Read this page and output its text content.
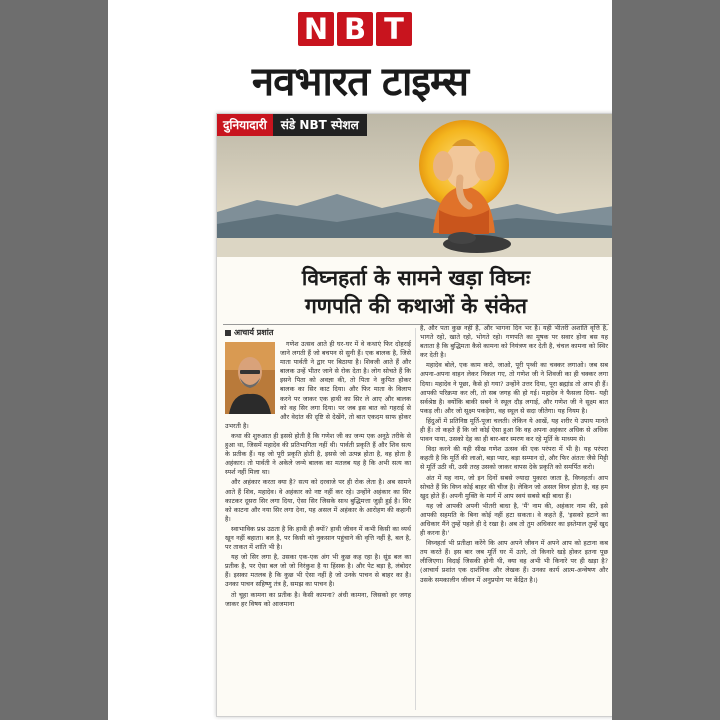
N B T
नवभारत टाइम्स
दुनियादारी	संडे NBT स्पेशल
विघ्नहर्ता के सामने खड़ा विघ्नः
गणपति की कथाओं के संकेत
आचार्य प्रशांत

गणेश उत्सव आते ही घर-घर में वे कथाएं फिर दोहराई जाने लगती हैं जो बचपन से सुनी हैं। एक बालक है, जिसे माता पार्वती ने द्वार पर बिठाया है। शिवजी आते हैं और बालक उन्हें भीतर जाने से रोक देता है। लोग सोचते हैं कि इसने पिता को अवज्ञा की, तो पिता ने कुपित होकर बालक का सिर काट दिया। और फिर माता के विलाप करने पर जाकर एक हाथी का सिर ले आए और बालक को वह सिर लगा दिया। पर जब इस बात को गहराई से और वेदांत की दृष्टि से देखेंगे, तो बात एकदम साफ होकर उभरती है।

कथा की शुरुआत ही इससे होती है कि गणेश जी का जन्म एक अनूठे तरीके से हुआ था, जिसमें महादेव की प्रतिभागिता नहीं थी। पार्वती प्रकृति हैं और शिव सत्य के प्रतीक हैं। यह जो पूरी प्रकृति होती है, इससे जो उत्पन्न होता है, वह होता है अहंकार। तो पार्वती ने अकेले जन्मे बालक का मतलब यह है कि अभी सत्य का स्पर्श नहीं मिला था।

और अहंकार करता क्या है? सत्य को दरवाजे पर ही रोक लेता है। अब सामने आते हैं शिव, महादेव। वे अहंकार को नष्ट नहीं कर रहे। उन्होंने अहंकार का सिर काटकर दूसरा सिर लगा दिया, ऐसा सिर जिसके साथ बुद्धिमत्ता जुड़ी हुई है। सिर को काटना और नया सिर लगा देना, यह असल में अहंकार के आरोहण की कहानी है।

स्वाभाविक प्रश्न उठता है कि हाथी ही क्यों? हाथी जीवन में कभी किसी का व्यर्थ खून नहीं बहाता। बल है, पर किसी को नुकसान पहुंचाने की वृत्ति नहीं है, बल है, पर ताकत में शांति भी है।

यह जो सिर लगा है, उसका एक-एक अंग भी कुछ कह रहा है। सूंड बल का प्रतीक है, पर ऐसा बल जो जो निरंकुश है या हिंसक है। और पेट बड़ा है, लंबोदर हैं। इसका मतलब है कि कुछ भी ऐसा नहीं है जो उनके पाचन से बाहर का है। उनका पाचन सहिष्णु तंत्र है, समझ का पाचन है।

तो चूहा कामना का प्रतीक है। कैसी कामना? अंधी कामना, जिसको हर जगह जाकर हर विषय को आजमाना

है, और पता कुछ नहीं है, और भागना दिन भर है। यही भीतरी अशांति वृत्ति है, भागते रहो, खाते रहो, भोगते रहो। गणपति का मूषक पर सवार होना बस यह बताता है कि बुद्धिमता कैसे कामना को नियंत्रण कर देती है, चंचल कामना को स्थिर कर देती है।

महादेव बोले, एक काम करो, जाओ, पूरी पृथ्वी का चक्कर लगाओ। जब सब अपना-अपना वाहन लेकर निकल गए, तो गणेश जी ने शिवजी का ही चक्कर लगा दिया। महादेव ने पूछा, कैसे हो गया? उन्होंने उत्तर दिया, पूरा ब्रह्मांड तो आप ही हैं। आपकी परिक्रमा कर ली, तो सब जगह की हो गई। महादेव ने फैसला दिया- यही सर्वश्रेष्ठ है। क्योंकि बाकी सबने ने स्थूल दौड़ लगाई, और गणेश जी ने सूक्ष्म बात पकड़ ली। और जो सूक्ष्म पकड़ेगा, वह स्थूल से सदा जीतेगा। यह नियम है।

हिंदुओं में प्रतिनिष्ठ मूर्ति-पूजा चलती। लेकिन ये आखें, यह शरीर ये उपाय मानते ही हैं। तो कहते हैं कि जो कोई ऐसा हुआ कि वह अपना अहंकार अधिक से अधिक पावन पाया, उसको देह का ही बार-बार स्मरण कर रहे मूर्ति के माध्यम से।

विदा करने की यही सीख गणेश उत्सव की एक परंपरा में भी है। यह परंपरा कहती है कि मूर्ति की लाओ, बड़ा प्यार, बड़ा सम्मान दो, और फिर अंततः जैसे मिट्टी से मूर्ति उठी थी, उसी तरह उसको जाकर वापस देके प्रकृति को समर्पित करो।

अंत में यह नाम, जो इन दिनों सबसे ज्यादा पुकारा जाता है, विघ्नहर्ता। आप सोचते हैं कि विघ्न कोई बाहर की चीज है। लेकिन जो असल विघ्न होता है, वह हम खुद होते हैं। अपनी मुक्ति के मार्ग में आप स्वयं सबसे बड़ी बाधा हैं।

यह जो आपकी अपनी भीतरी बाधा है, 'मैं' नाम की, अहंकार नाम की, इसे आपकी सहमति के बिना कोई नहीं हटा सकता। वे कहते हैं, 'इसको हटाने का अधिकार मैंने तुम्हें पहले ही दे रखा है। अब तो तुम अधिकार का इस्तेमाल तुम्हें खुद ही करना है।'

विघ्नहर्ता भी प्रतीक्षा करेंगे कि आप अपने जीवन में अपने आप को हटाना कब तय करते हैं। इस बार जब मूर्ति घर में उतरे, तो किनारे खड़े होकर इतना पूछ लीजिएगा। विदाई जिसकी होनी थी, क्या वह अभी भी किनारे पर ही खड़ा है? (आचार्य प्रशांत एक दार्शनिक और लेखक हैं। उनका कार्य आत्म-अन्वेषण और उसके समकालीन जीवन में अनुप्रयोग पर केंद्रित है।)
